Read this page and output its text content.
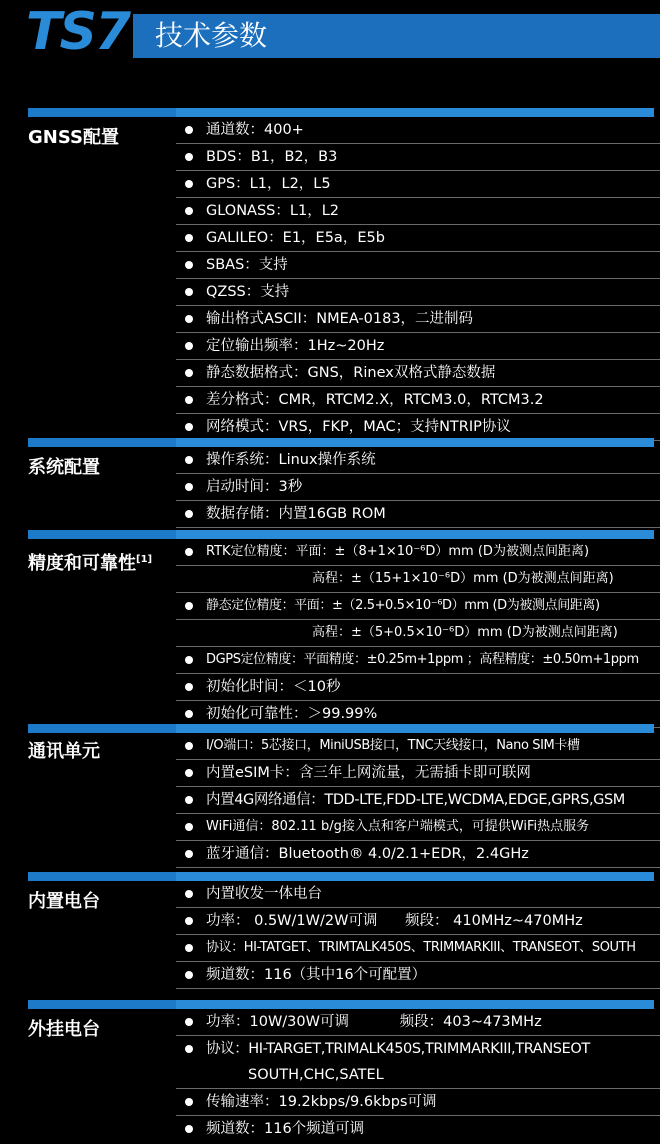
TS7 技术参数
GNSS配置	通道数：400+
BDS：B1，B2，B3
GPS：L1，L2，L5
GLONASS：L1，L2
GALILEO：E1，E5a，E5b
SBAS：支持
QZSS：支持
输出格式ASCII：NMEA-0183，二进制码
定位输出频率：1Hz~20Hz
静态数据格式：GNS，Rinex双格式静态数据
差分格式：CMR，RTCM2.X，RTCM3.0，RTCM3.2
网络模式：VRS，FKP，MAC；支持NTRIP协议
系统配置	操作系统：Linux操作系统
启动时间：3秒
数据存储：内置16GB ROM
精度和可靠性[1]
RTK定位精度：平面：±（8+1×10⁻⁶D）mm (D为被测点间距离)
高程：±（15+1×10⁻⁶D）mm (D为被测点间距离)
静态定位精度：平面：±（2.5+0.5×10⁻⁶D）mm (D为被测点间距离)
高程：±（5+0.5×10⁻⁶D）mm (D为被测点间距离)
DGPS定位精度：平面精度：±0.25m+1ppm ；高程精度：±0.50m+1ppm
初始化时间：＜10秒
初始化可靠性：＞99.99%
通讯单元	I/O端口：5芯接口，MiniUSB接口，TNC天线接口，Nano SIM卡槽
内置eSIM卡：含三年上网流量，无需插卡即可联网
内置4G网络通信：TDD-LTE,FDD-LTE,WCDMA,EDGE,GPRS,GSM
WiFi通信：802.11 b/g接入点和客户端模式，可提供WiFi热点服务
蓝牙通信：Bluetooth® 4.0/2.1+EDR，2.4GHz
内置电台	内置收发一体电台
功率： 0.5W/1W/2W可调      频段： 410MHz~470MHz
协议：HI-TATGET、TRIMTALK450S、TRIMMARKIII、TRANSEOT、SOUTH
频道数：116（其中16个可配置）
外挂电台	功率：10W/30W可调           频段：403~473MHz
协议：HI-TARGET,TRIMALK450S,TRIMMARKIII,TRANSEOT
SOUTH,CHC,SATEL
传输速率：19.2kbps/9.6kbps可调
频道数：116个频道可调
